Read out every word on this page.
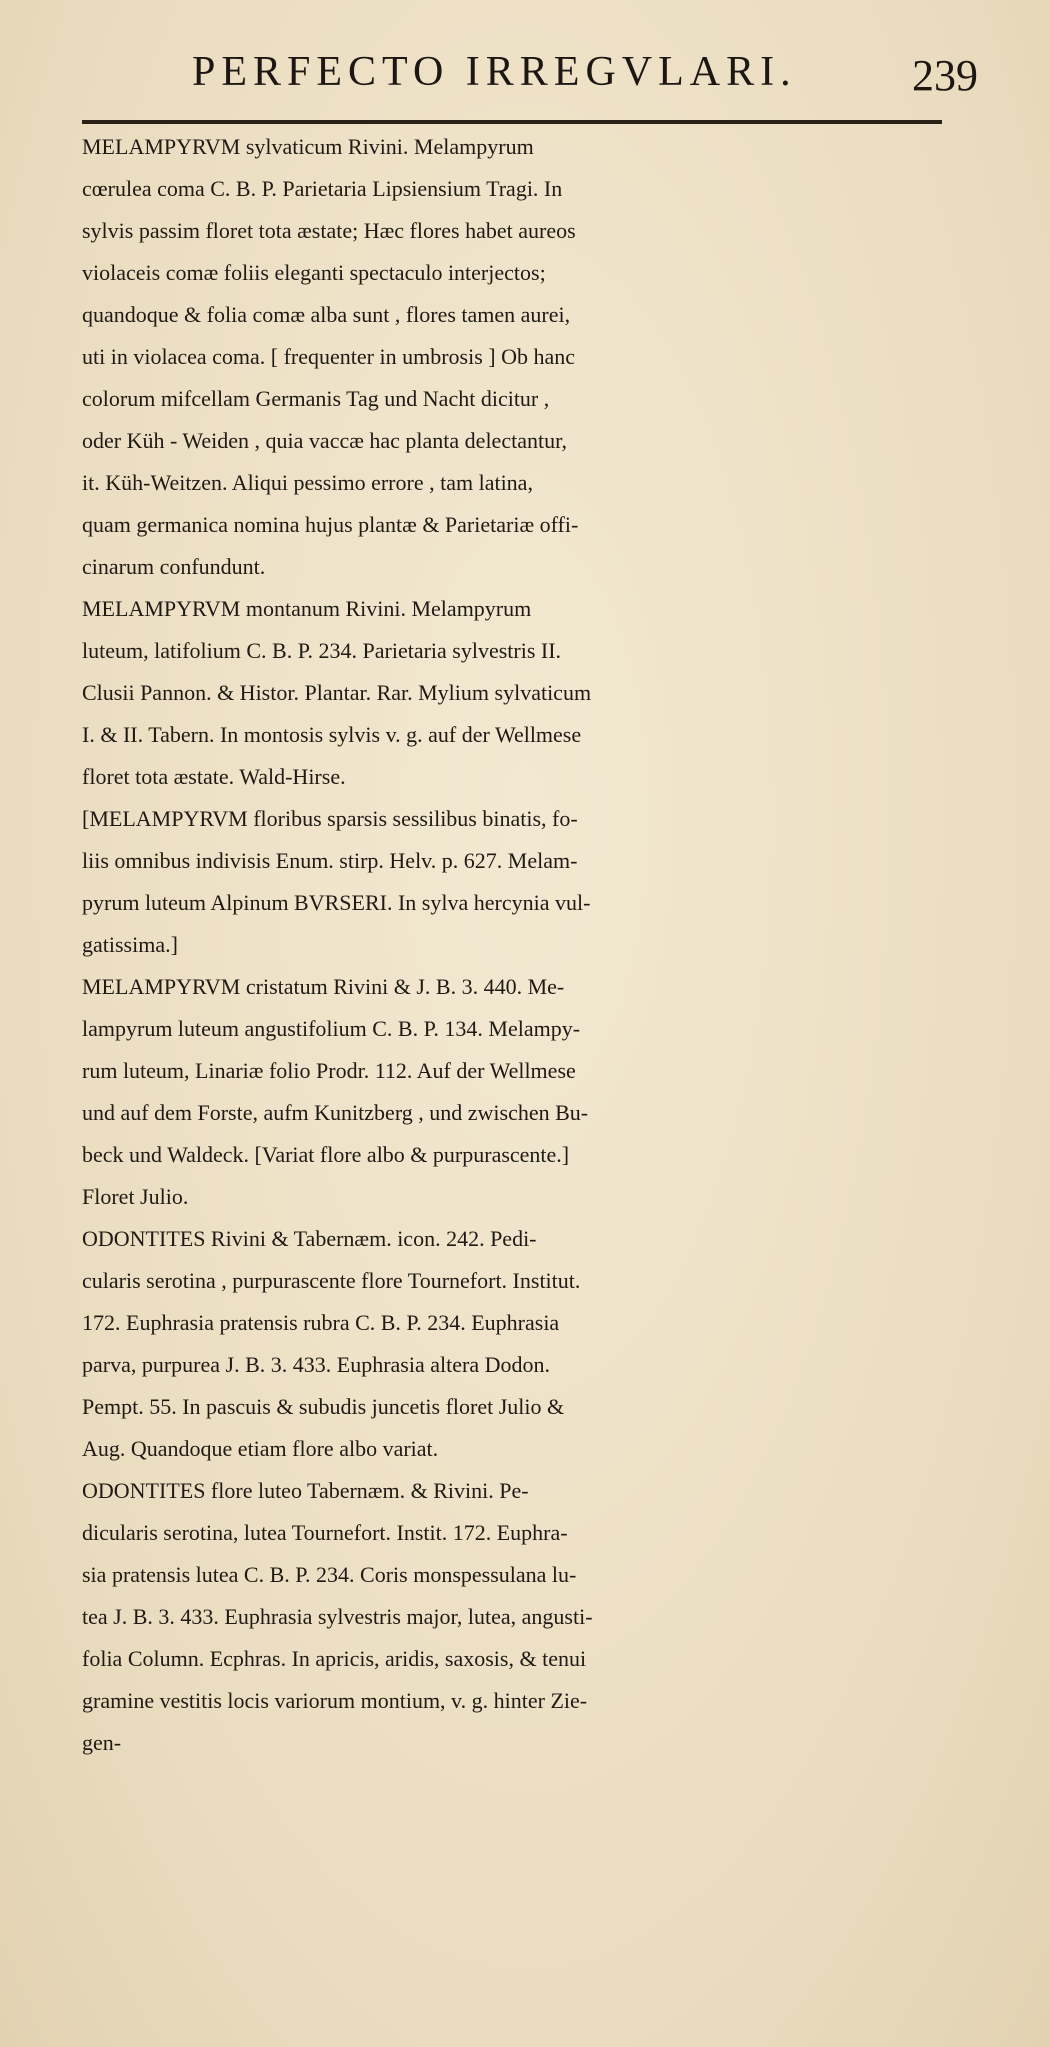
PERFECTO IRREGVLARI.	239
MELAMPYRVM sylvaticum Rivini. Melampyrum
cœrulea coma C. B. P. Parietaria Lipsiensium Tragi. In
sylvis passim floret tota æstate; Hæc flores habet aureos
violaceis comæ foliis eleganti spectaculo interjectos;
quandoque & folia comæ alba sunt , flores tamen aurei,
uti in violacea coma. [ frequenter in umbrosis ] Ob hanc
colorum mifcellam Germanis Tag und Nacht dicitur ,
oder Küh - Weiden , quia vaccæ hac planta delectantur,
it. Küh-Weitzen. Aliqui pessimo errore , tam latina,
quam germanica nomina hujus plantæ & Parietariæ offi-
cinarum confundunt.
MELAMPYRVM montanum Rivini. Melampyrum
luteum, latifolium C. B. P. 234. Parietaria sylvestris II.
Clusii Pannon. & Histor. Plantar. Rar. Mylium sylvaticum
I. & II. Tabern. In montosis sylvis v. g. auf der Wellmese
floret tota æstate. Wald-Hirse.
[MELAMPYRVM floribus sparsis sessilibus binatis, fo-
liis omnibus indivisis Enum. stirp. Helv. p. 627. Melam-
pyrum luteum Alpinum BVRSERI. In sylva hercynia vul-
gatissima.]
MELAMPYRVM cristatum Rivini & J. B. 3. 440. Me-
lampyrum luteum angustifolium C. B. P. 134. Melampy-
rum luteum, Linariæ folio Prodr. 112. Auf der Wellmese
und auf dem Forste, aufm Kunitzberg , und zwischen Bu-
beck und Waldeck. [Variat flore albo & purpurascente.]
Floret Julio.
ODONTITES Rivini & Tabernæm. icon. 242. Pedi-
cularis serotina , purpurascente flore Tournefort. Institut.
172. Euphrasia pratensis rubra C. B. P. 234. Euphrasia
parva, purpurea J. B. 3. 433. Euphrasia altera Dodon.
Pempt. 55. In pascuis & subudis juncetis floret Julio &
Aug. Quandoque etiam flore albo variat.
ODONTITES flore luteo Tabernæm. & Rivini. Pe-
dicularis serotina, lutea Tournefort. Instit. 172. Euphra-
sia pratensis lutea C. B. P. 234. Coris monspessulana lu-
tea J. B. 3. 433. Euphrasia sylvestris major, lutea, angusti-
folia Column. Ecphras. In apricis, aridis, saxosis, & tenui
gramine vestitis locis variorum montium, v. g. hinter Zie-
gen-
